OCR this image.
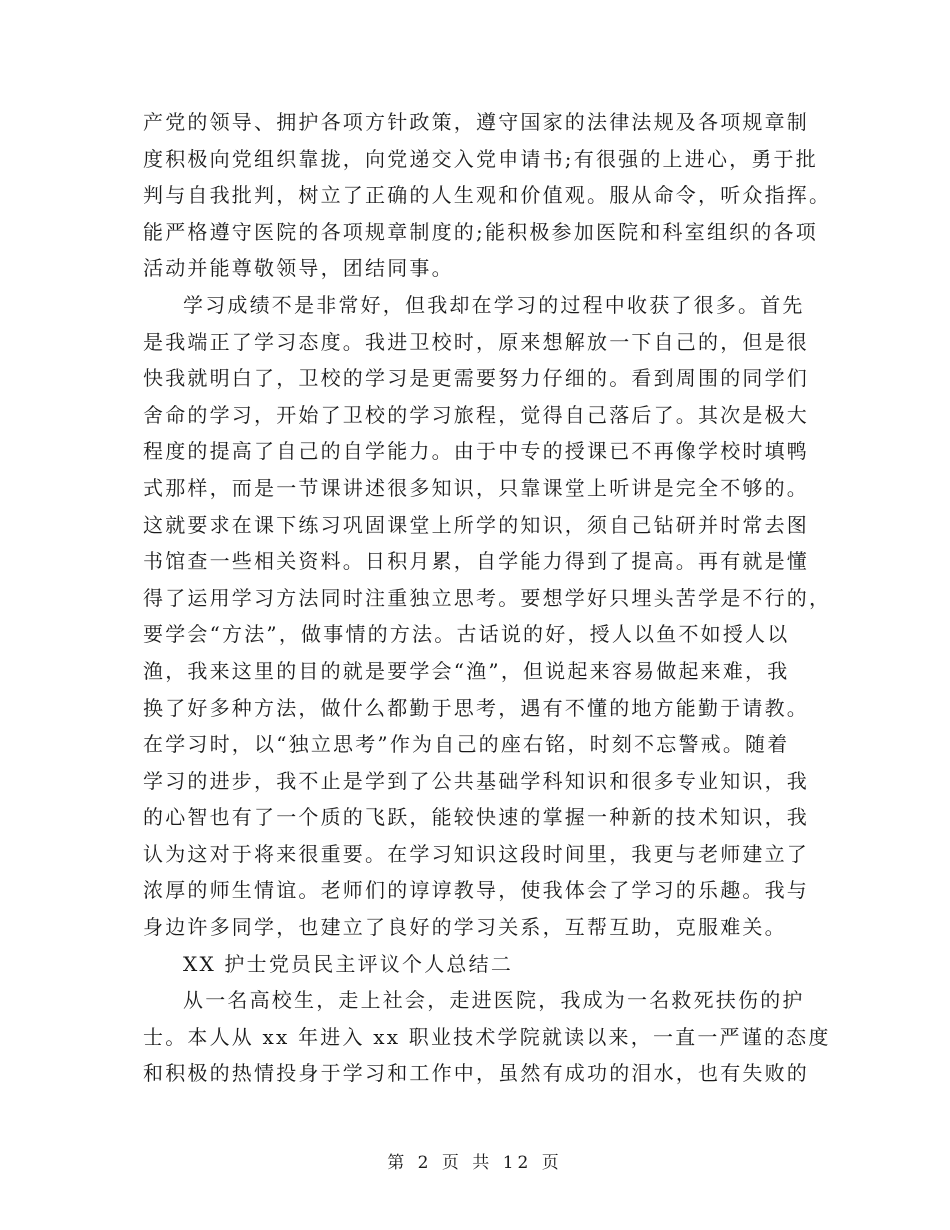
产党的领导、拥护各项方针政策，遵守国家的法律法规及各项规章制
度积极向党组织靠拢，向党递交入党申请书;有很强的上进心，勇于批
判与自我批判，树立了正确的人生观和价值观。服从命令，听众指挥。
能严格遵守医院的各项规章制度的;能积极参加医院和科室组织的各项
活动并能尊敬领导，团结同事。
学习成绩不是非常好，但我却在学习的过程中收获了很多。首先
是我端正了学习态度。我进卫校时，原来想解放一下自己的，但是很
快我就明白了，卫校的学习是更需要努力仔细的。看到周围的同学们
舍命的学习，开始了卫校的学习旅程，觉得自己落后了。其次是极大
程度的提高了自己的自学能力。由于中专的授课已不再像学校时填鸭
式那样，而是一节课讲述很多知识，只靠课堂上听讲是完全不够的。
这就要求在课下练习巩固课堂上所学的知识，须自己钻研并时常去图
书馆查一些相关资料。日积月累，自学能力得到了提高。再有就是懂
得了运用学习方法同时注重独立思考。要想学好只埋头苦学是不行的，
要学会“方法”，做事情的方法。古话说的好，授人以鱼不如授人以
渔，我来这里的目的就是要学会“渔”，但说起来容易做起来难，我
换了好多种方法，做什么都勤于思考，遇有不懂的地方能勤于请教。
在学习时，以“独立思考”作为自己的座右铭，时刻不忘警戒。随着
学习的进步，我不止是学到了公共基础学科知识和很多专业知识，我
的心智也有了一个质的飞跃，能较快速的掌握一种新的技术知识，我
认为这对于将来很重要。在学习知识这段时间里，我更与老师建立了
浓厚的师生情谊。老师们的谆谆教导，使我体会了学习的乐趣。我与
身边许多同学，也建立了良好的学习关系，互帮互助，克服难关。
XX 护士党员民主评议个人总结二
从一名高校生，走上社会，走进医院，我成为一名救死扶伤的护
士。本人从 xx 年进入 xx 职业技术学院就读以来，一直一严谨的态度
和积极的热情投身于学习和工作中，虽然有成功的泪水，也有失败的
第 2 页 共 12 页
